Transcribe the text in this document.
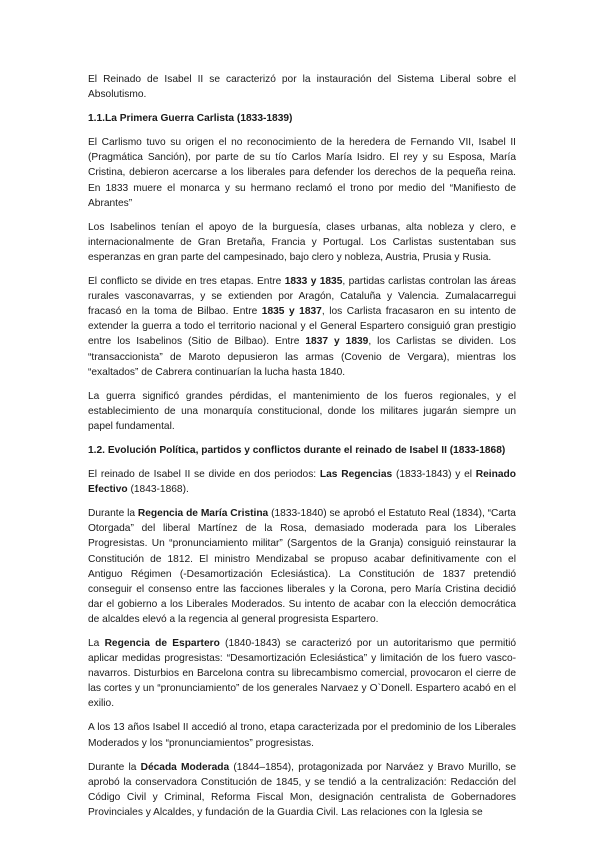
El Reinado de Isabel II se caracterizó por la instauración del Sistema Liberal sobre el Absolutismo.

1.1.La Primera Guerra Carlista (1833-1839)

El Carlismo tuvo su origen el no reconocimiento de la heredera de Fernando VII, Isabel II (Pragmática Sanción), por parte de su tío Carlos María Isidro. El rey y su Esposa, María Cristina, debieron acercarse a los liberales para defender los derechos de la pequeña reina. En 1833 muere el monarca y su hermano reclamó el trono por medio del “Manifiesto de Abrantes”

Los Isabelinos tenían el apoyo de la burguesía, clases urbanas, alta nobleza y clero, e internacionalmente de Gran Bretaña, Francia y Portugal. Los Carlistas sustentaban sus esperanzas en gran parte del campesinado, bajo clero y nobleza, Austria, Prusia y Rusia.

El conflicto se divide en tres etapas. Entre 1833 y 1835, partidas carlistas controlan las áreas rurales vasconavarras, y se extienden por Aragón, Cataluña y Valencia. Zumalacarregui fracasó en la toma de Bilbao. Entre 1835 y 1837, los Carlista fracasaron en su intento de extender la guerra a todo el territorio nacional y el General Espartero consiguió gran prestigio entre los Isabelinos (Sitio de Bilbao). Entre 1837 y 1839, los Carlistas se dividen. Los “transaccionista” de Maroto depusieron las armas (Covenio de Vergara), mientras los “exaltados” de Cabrera continuarían la lucha hasta 1840.

La guerra significó grandes pérdidas, el mantenimiento de los fueros regionales, y el establecimiento de una monarquía constitucional, donde los militares jugarán siempre un papel fundamental.

1.2. Evolución Política, partidos y conflictos durante el reinado de Isabel II (1833-1868)

El reinado de Isabel II se divide en dos periodos: Las Regencias (1833-1843) y el Reinado Efectivo (1843-1868).

Durante la Regencia de María Cristina (1833-1840) se aprobó el Estatuto Real (1834), “Carta Otorgada” del liberal Martínez de la Rosa, demasiado moderada para los Liberales Progresistas. Un “pronunciamiento militar” (Sargentos de la Granja) consiguió reinstaurar la Constitución de 1812. El ministro Mendizabal se propuso acabar definitivamente con el Antiguo Régimen (-Desamortización Eclesiástica). La Constitución de 1837 pretendió conseguir el consenso entre las facciones liberales y la Corona, pero María Cristina decidió dar el gobierno a los Liberales Moderados. Su intento de acabar con la elección democrática de alcaldes elevó a la regencia al general progresista Espartero.

La Regencia de Espartero (1840-1843) se caracterizó por un autoritarismo que permitió aplicar medidas progresistas: “Desamortización Eclesiástica” y limitación de los fuero vasco-navarros. Disturbios en Barcelona contra su librecambismo comercial, provocaron el cierre de las cortes y un “pronunciamiento” de los generales Narvaez y O`Donell. Espartero acabó en el exilio.

A los 13 años Isabel II accedió al trono, etapa caracterizada por el predominio de los Liberales Moderados y los “pronunciamientos” progresistas.

Durante la Década Moderada (1844–1854), protagonizada por Narváez y Bravo Murillo, se aprobó la conservadora Constitución de 1845, y se tendió a la centralización: Redacción del Código Civil y Criminal, Reforma Fiscal Mon, designación centralista de Gobernadores Provinciales y Alcaldes, y fundación de la Guardia Civil. Las relaciones con la Iglesia se
